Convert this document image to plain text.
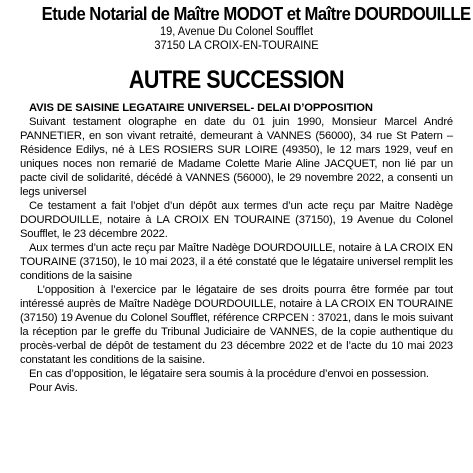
Etude Notarial de Maître MODOT et Maître DOURDOUILLE
19, Avenue Du Colonel Soufflet
37150 LA CROIX-EN-TOURAINE
AUTRE SUCCESSION
AVIS DE SAISINE LEGATAIRE UNIVERSEL- DELAI D’OPPOSITION

Suivant testament olographe en date du 01 juin 1990, Monsieur Marcel André PANNETIER, en son vivant retraité, demeurant à VANNES (56000), 34 rue St Patern – Résidence Edilys, né à LES ROSIERS SUR LOIRE (49350), le 12 mars 1929, veuf en uniques noces non remarié de Madame Colette Marie Aline JACQUET, non lié par un pacte civil de solidarité, décédé à VANNES (56000), le 29 novembre 2022, a consenti un legs universel

Ce testament a fait l’objet d’un dépôt aux termes d’un acte reçu par Maitre Nadège DOURDOUILLE, notaire à LA CROIX EN TOURAINE (37150), 19 Avenue du Colonel Soufflet, le 23 décembre 2022.

Aux termes d’un acte reçu par Maître Nadège DOURDOUILLE, notaire à LA CROIX EN TOURAINE (37150), le 10 mai 2023, il a été constaté que le légataire universel remplit les conditions de la saisine

L’opposition à l’exercice par le légataire de ses droits pourra être formée par tout intéressé auprès de Maître Nadège DOURDOUILLE, notaire à LA CROIX EN TOURAINE (37150) 19 Avenue du Colonel Soufflet, référence CRPCEN : 37021, dans le mois suivant la réception par le greffe du Tribunal Judiciaire de VANNES, de la copie authentique du procès-verbal de dépôt de testament du 23 décembre 2022 et de l’acte du 10 mai 2023 constatant les conditions de la saisine.

En cas d’opposition, le légataire sera soumis à la procédure d’envoi en possession.

Pour Avis.
